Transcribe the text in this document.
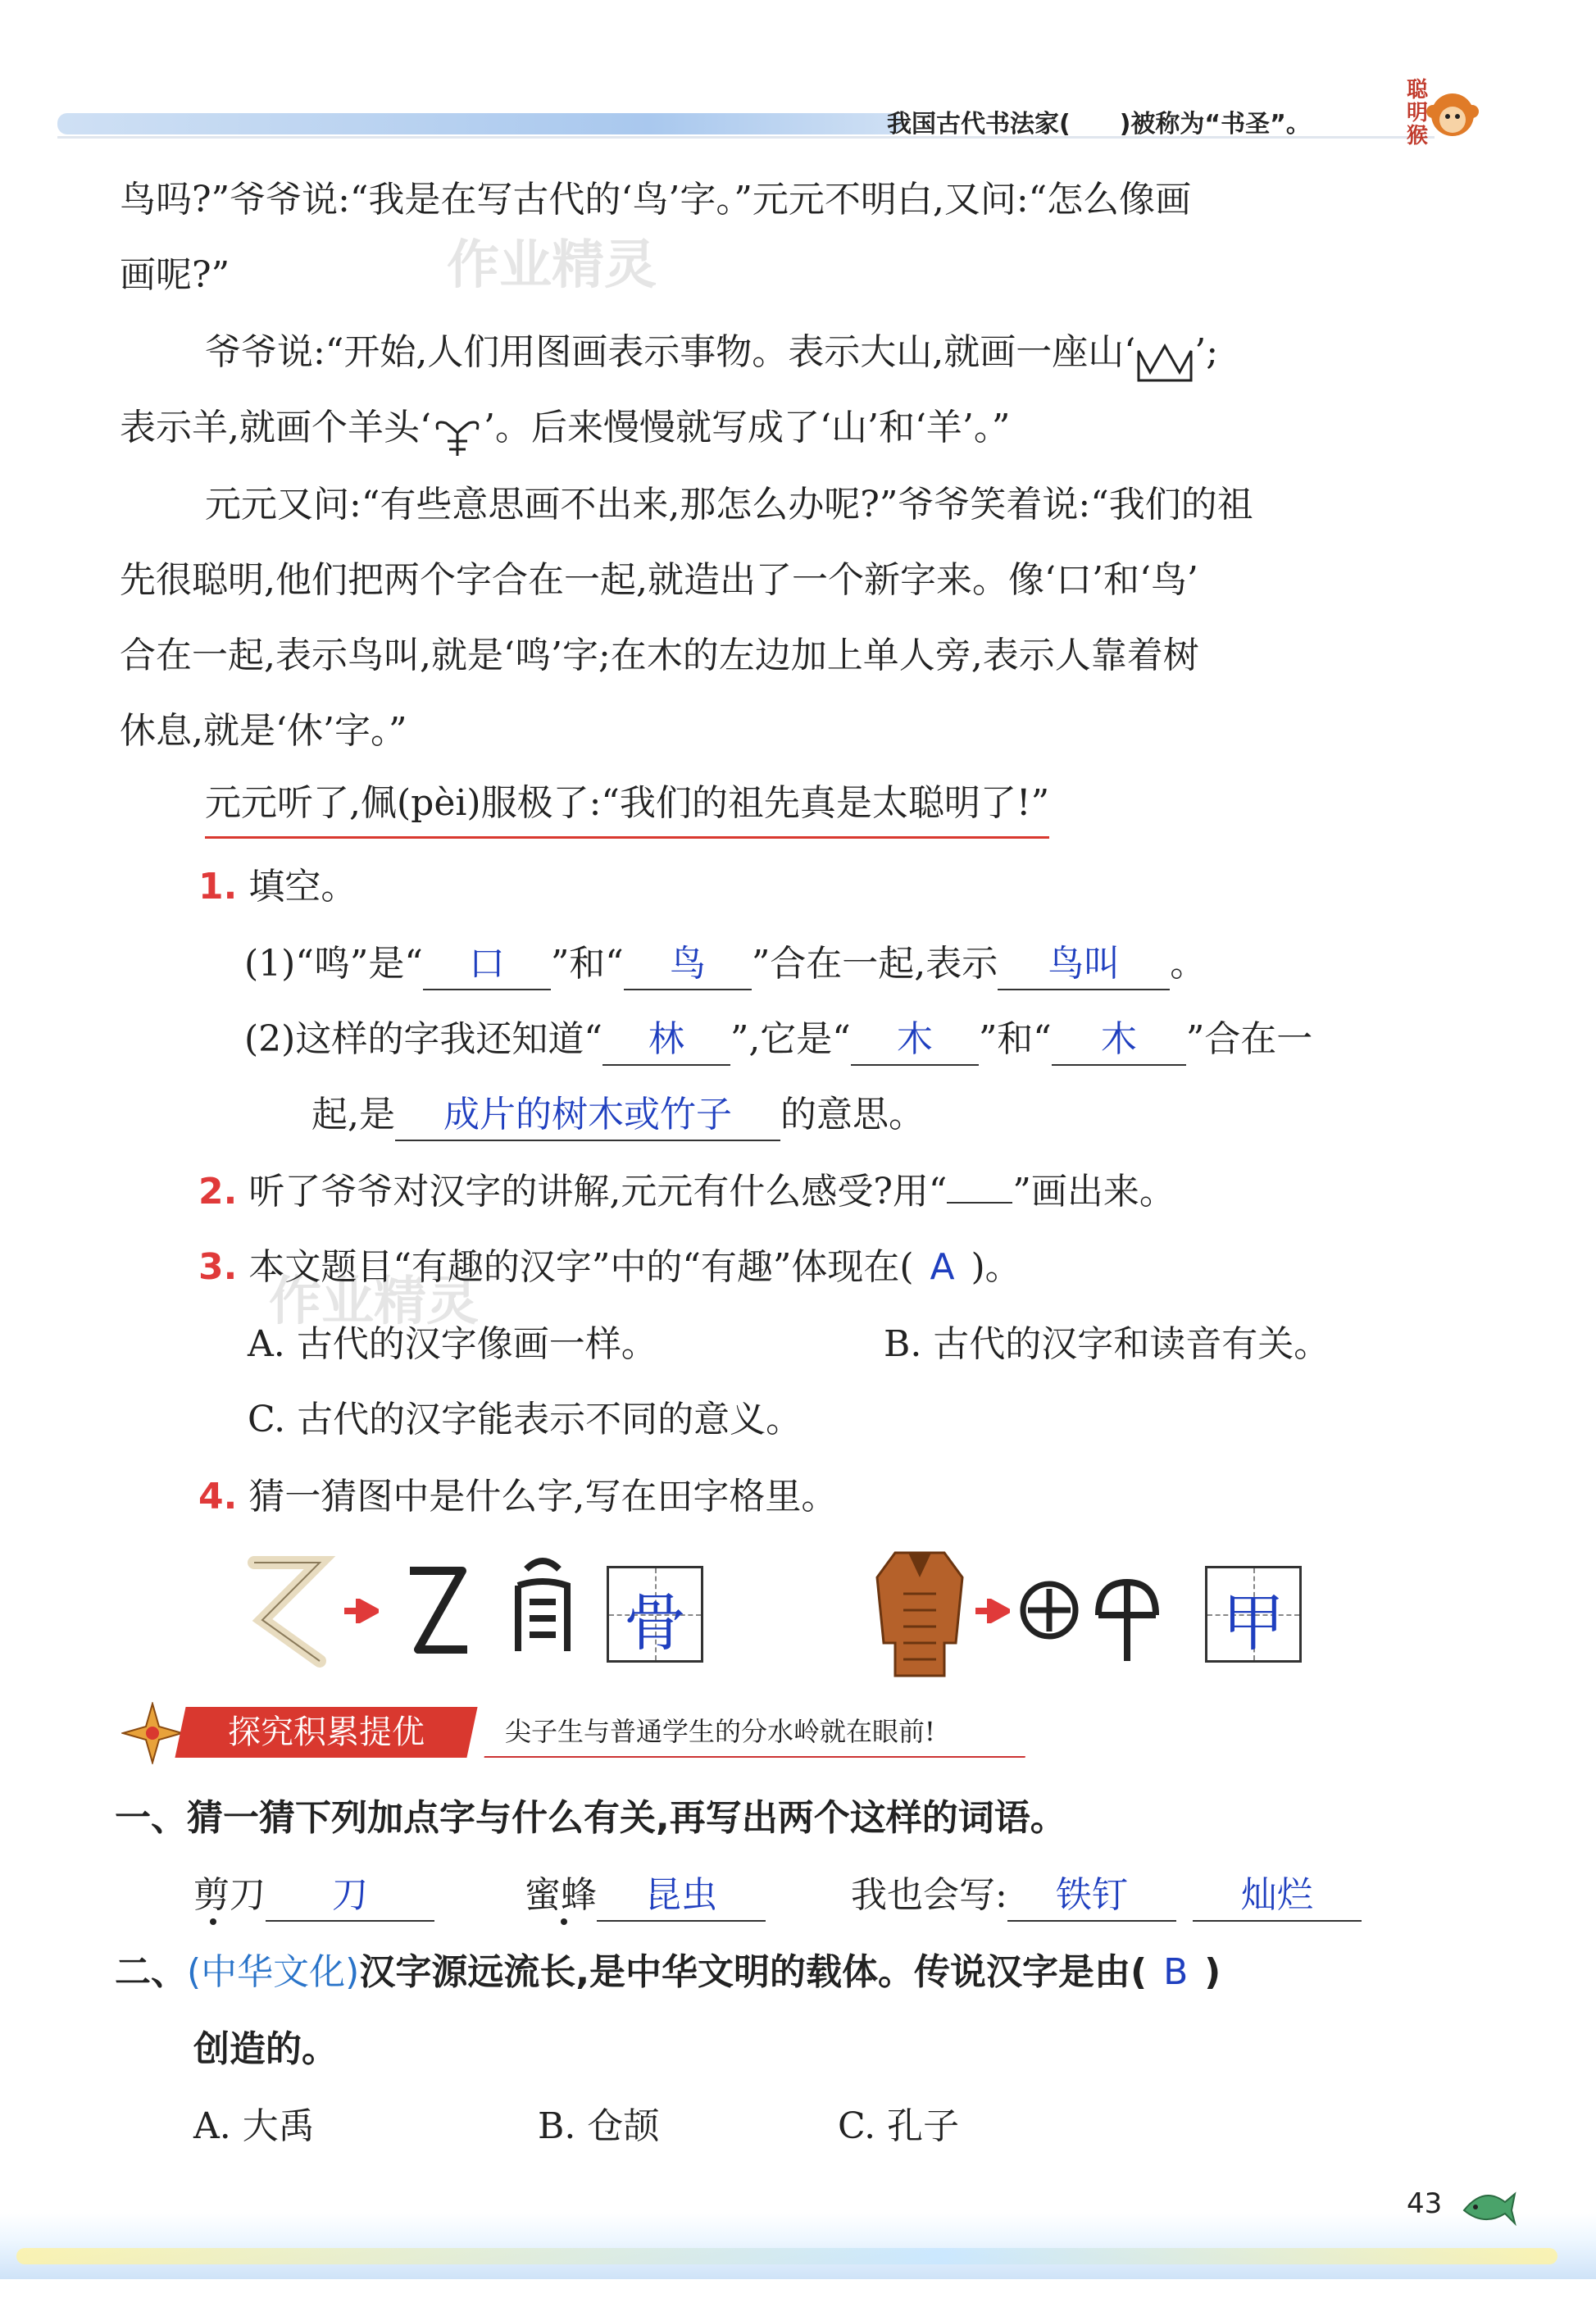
我国古代书法家(　　)被称为“书圣”。
聪明猴
作业精灵
作业精灵
鸟吗?”爷爷说:“我是在写古代的‘鸟’字。”元元不明白,又问:“怎么像画
画呢?”
爷爷说:“开始,人们用图画表示事物。表示大山,就画一座山‘ ’;
表示羊,就画个羊头‘ ’。后来慢慢就写成了‘山’和‘羊’。”
元元又问:“有些意思画不出来,那怎么办呢?”爷爷笑着说:“我们的祖
先很聪明,他们把两个字合在一起,就造出了一个新字来。像‘口’和‘鸟’
合在一起,表示鸟叫,就是‘鸣’字;在木的左边加上单人旁,表示人靠着树
休息,就是‘休’字。”
元元听了,佩(pèi)服极了:“我们的祖先真是太聪明了!”
1. 填空。
(1)“鸣”是“ 口 ”和“ 鸟 ”合在一起,表示 鸟叫 。
(2)这样的字我还知道“ 林 ”,它是“ 木 ”和“ 木 ”合在一
起,是 成片的树木或竹子 的意思。
2. 听了爷爷对汉字的讲解,元元有什么感受?用“ ”画出来。
3. 本文题目“有趣的汉字”中的“有趣”体现在( A )。
A. 古代的汉字像画一样。	B. 古代的汉字和读音有关。
C. 古代的汉字能表示不同的意义。
4. 猜一猜图中是什么字,写在田字格里。
骨	甲
探究积累提优	尖子生与普通学生的分水岭就在眼前!
一、猜一猜下列加点字与什么有关,再写出两个这样的词语。
剪刀 刀	蜜蜂 昆虫	我也会写: 铁钉	灿烂
二、(中华文化)汉字源远流长,是中华文明的载体。传说汉字是由( B )
创造的。
A. 大禹	B. 仓颉	C. 孔子
43
